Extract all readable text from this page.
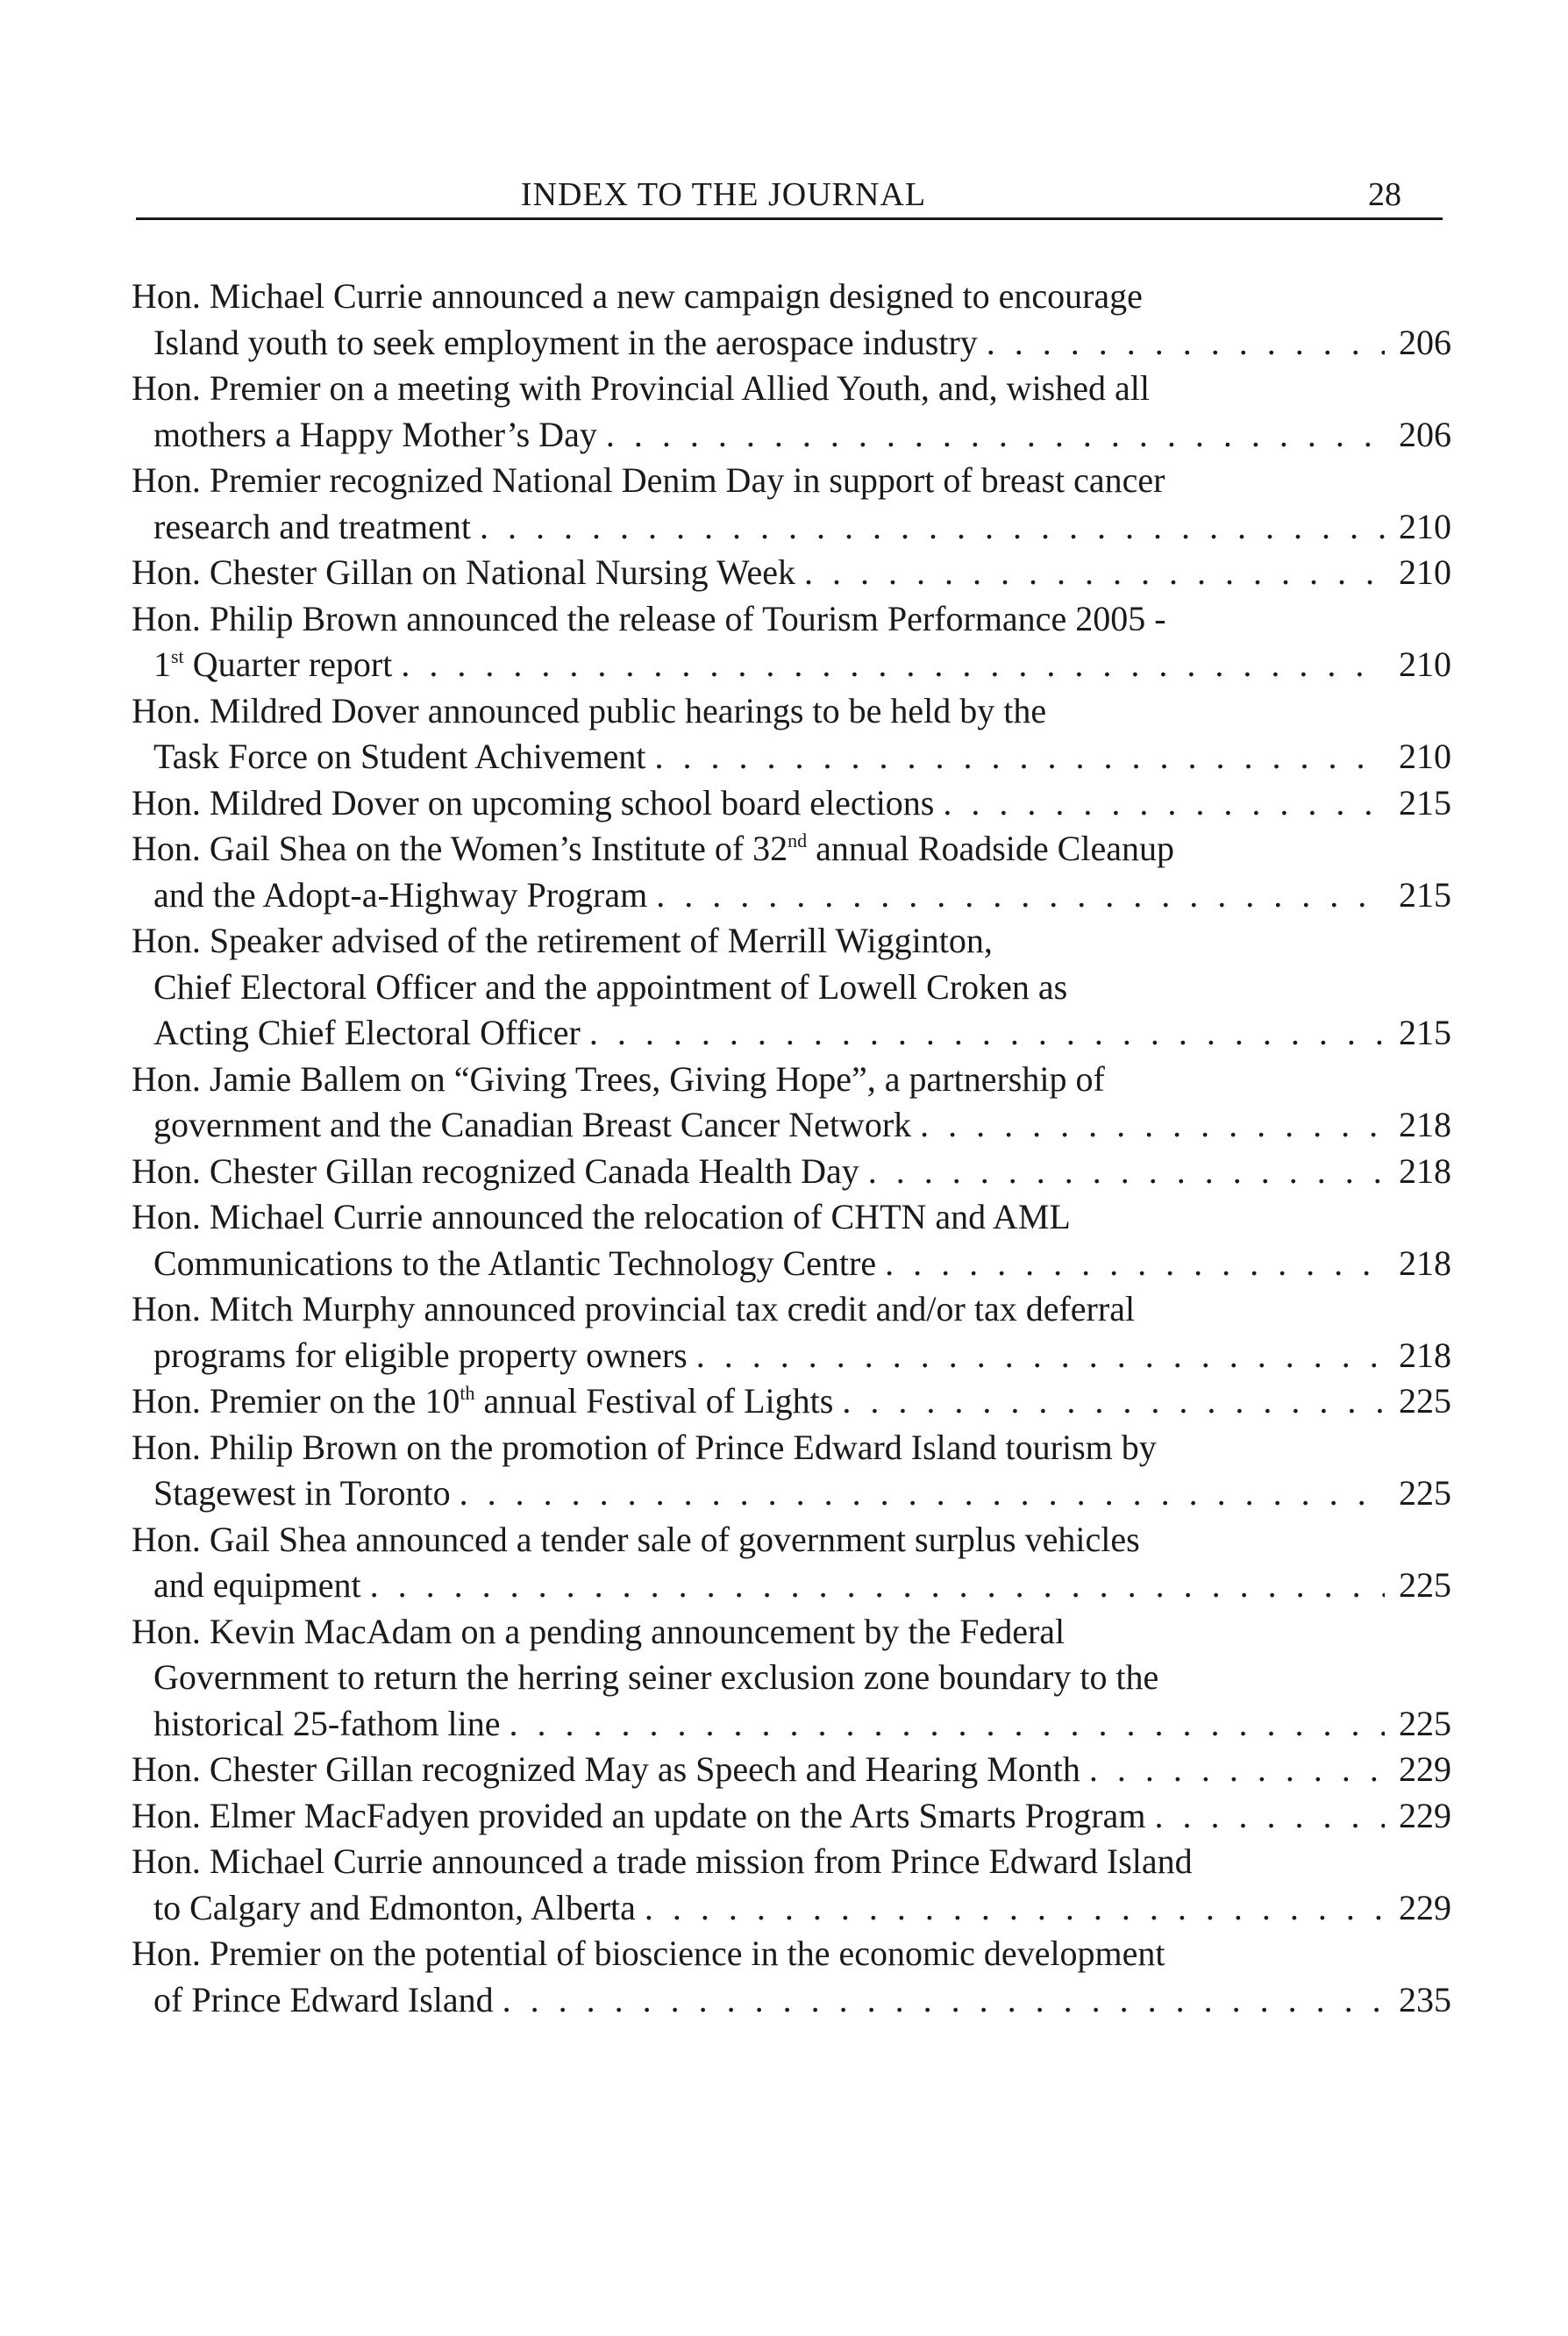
INDEX TO THE JOURNAL	28
Hon. Michael Currie announced a new campaign designed to encourage
Island youth to seek employment in the aerospace industry . . .	206
Hon. Premier on a meeting with Provincial Allied Youth, and, wished all
mothers a Happy Mother’s Day . . .	206
Hon. Premier recognized National Denim Day in support of breast cancer
research and treatment . . .	210
Hon. Chester Gillan on National Nursing Week . . .	210
Hon. Philip Brown announced the release of Tourism Performance 2005 -
1st Quarter report . . .	210
Hon. Mildred Dover announced public hearings to be held by the
Task Force on Student Achivement . . .	210
Hon. Mildred Dover on upcoming school board elections . . .	215
Hon. Gail Shea on the Women’s Institute of 32nd annual Roadside Cleanup
and the Adopt-a-Highway Program . . .	215
Hon. Speaker advised of the retirement of Merrill Wigginton,
Chief Electoral Officer and the appointment of Lowell Croken as
Acting Chief Electoral Officer . . .	215
Hon. Jamie Ballem on “Giving Trees, Giving Hope”, a partnership of
government and the Canadian Breast Cancer Network . . .	218
Hon. Chester Gillan recognized Canada Health Day . . .	218
Hon. Michael Currie announced the relocation of CHTN and AML
Communications to the Atlantic Technology Centre . . .	218
Hon. Mitch Murphy announced provincial tax credit and/or tax deferral
programs for eligible property owners . . .	218
Hon. Premier on the 10th annual Festival of Lights . . .	225
Hon. Philip Brown on the promotion of Prince Edward Island tourism by
Stagewest in Toronto . . .	225
Hon. Gail Shea announced a tender sale of government surplus vehicles
and equipment . . .	225
Hon. Kevin MacAdam on a pending announcement by the Federal
Government to return the herring seiner exclusion zone boundary to the
historical 25-fathom line . . .	225
Hon. Chester Gillan recognized May as Speech and Hearing Month . . .	229
Hon. Elmer MacFadyen provided an update on the Arts Smarts Program . . .	229
Hon. Michael Currie announced a trade mission from Prince Edward Island
to Calgary and Edmonton, Alberta . . .	229
Hon. Premier on the potential of bioscience in the economic development
of Prince Edward Island . . .	235
